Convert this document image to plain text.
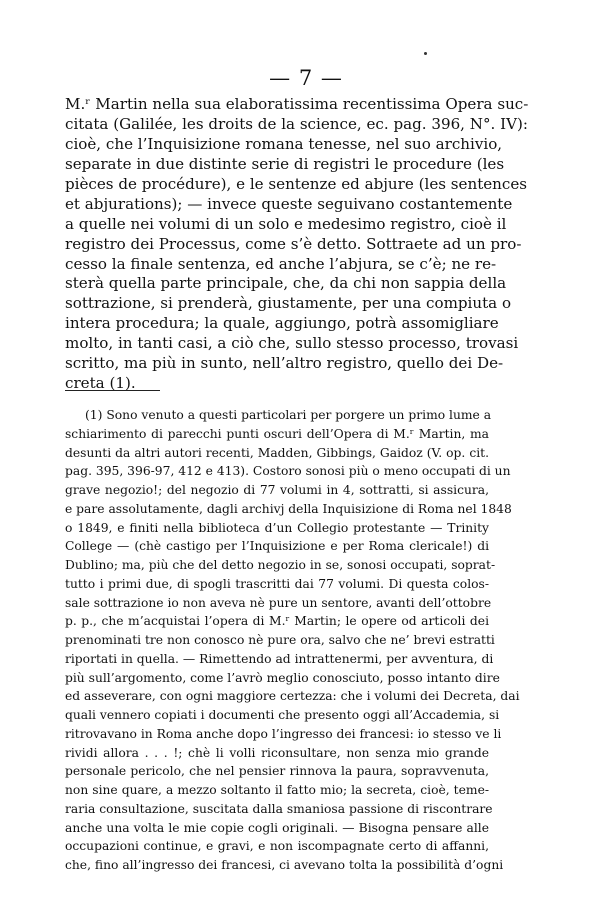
— 7 —
M.ʳ Martin nella sua elaboratissima recentissima Opera suc-
citata (Galilée, les droits de la science, ec. pag. 396, N°. IV):
cioè, che l’Inquisizione romana tenesse, nel suo archivio,
separate in due distinte serie di registri le procedure (les
pièces de procédure), e le sentenze ed abjure (les sentences
et abjurations); — invece queste seguivano costantemente
a quelle nei volumi di un solo e medesimo registro, cioè il
registro dei Processus, come s’è detto. Sottraete ad un pro-
cesso la finale sentenza, ed anche l’abjura, se c’è; ne re-
sterà quella parte principale, che, da chi non sappia della
sottrazione, si prenderà, giustamente, per una compiuta o
intera procedura; la quale, aggiungo, potrà assomigliare
molto, in tanti casi, a ciò che, sullo stesso processo, trovasi
scritto, ma più in sunto, nell’altro registro, quello dei De-
creta (1).
(1) Sono venuto a questi particolari per porgere un primo lume a
schiarimento di parecchi punti oscuri dell’Opera di M.ʳ Martin, ma
desunti da altri autori recenti, Madden, Gibbings, Gaidoz (V. op. cit.
pag. 395, 396-97, 412 e 413). Costoro sonosi più o meno occupati di un
grave negozio!; del negozio di 77 volumi in 4, sottratti, si assicura,
e pare assolutamente, dagli archivj della Inquisizione di Roma nel 1848
o 1849, e finiti nella biblioteca d’un Collegio protestante — Trinity
College — (chè castigo per l’Inquisizione e per Roma clericale!) di
Dublino; ma, più che del detto negozio in se, sonosi occupati, soprat-
tutto i primi due, di spogli trascritti dai 77 volumi. Di questa colos-
sale sottrazione io non aveva nè pure un sentore, avanti dell’ottobre
p. p., che m’acquistai l’opera di M.ʳ Martin; le opere od articoli dei
prenominati tre non conosco nè pure ora, salvo che ne’ brevi estratti
riportati in quella. — Rimettendo ad intrattenermi, per avventura, di
più sull’argomento, come l’avrò meglio conosciuto, posso intanto dire
ed asseverare, con ogni maggiore certezza: che i volumi dei Decreta, dai
quali vennero copiati i documenti che presento oggi all’Accademia, si
ritrovavano in Roma anche dopo l’ingresso dei francesi: io stesso ve li
rividi allora . . . !; chè li volli riconsultare, non senza mio grande
personale pericolo, che nel pensier rinnova la paura, sopravvenuta,
non sine quare, a mezzo soltanto il fatto mio; la secreta, cioè, teme-
raria consultazione, suscitata dalla smaniosa passione di riscontrare
anche una volta le mie copie cogli originali. — Bisogna pensare alle
occupazioni continue, e gravi, e non iscompagnate certo di affanni,
che, fino all’ingresso dei francesi, ci avevano tolta la possibilità d’ogni
